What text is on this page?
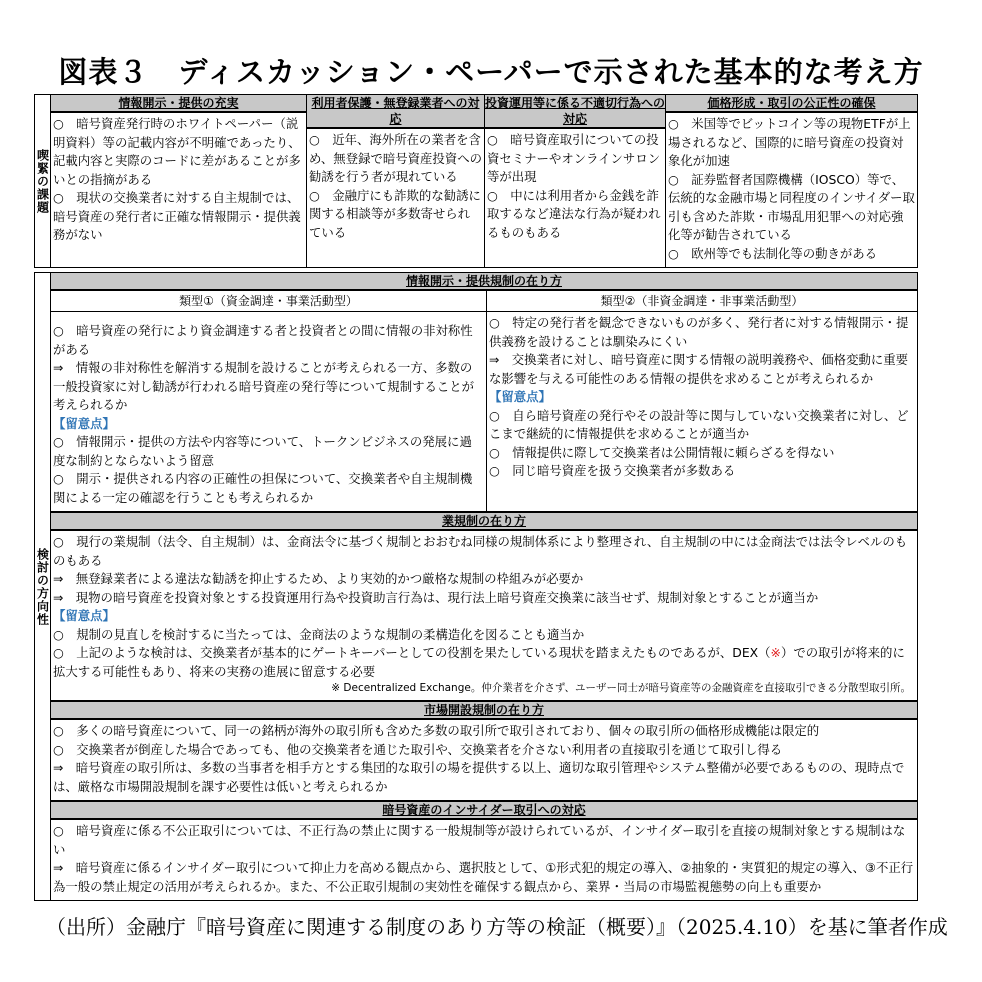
図表３　ディスカッション・ペーパーで示された基本的な考え方
喫緊の課題
情報開示・提供の充実

○　暗号資産発行時のホワイトペーパー（説明資料）等の記載内容が不明確であったり、記載内容と実際のコードに差があることが多いとの指摘がある

○　現状の交換業者に対する自主規制では、暗号資産の発行者に正確な情報開示・提供義務がない

利用者保護・無登録業者への対応

○　近年、海外所在の業者を含め、無登録で暗号資産投資への勧誘を行う者が現れている

○　金融庁にも詐欺的な勧誘に関する相談等が多数寄せられている

投資運用等に係る不適切行為への対応

○　暗号資産取引についての投資セミナーやオンラインサロン等が出現

○　中には利用者から金銭を詐取するなど違法な行為が疑われるものもある

価格形成・取引の公正性の確保

○　米国等でビットコイン等の現物ETFが上場されるなど、国際的に暗号資産の投資対象化が加速

○　証券監督者国際機構（IOSCO）等で、伝統的な金融市場と同程度のインサイダー取引も含めた詐欺・市場乱用犯罪への対応強化等が勧告されている

○　欧州等でも法制化等の動きがある

検討の方向性
情報開示・提供規制の在り方
類型①（資金調達・事業活動型）

○　暗号資産の発行により資金調達する者と投資者との間に情報の非対称性がある

⇒　情報の非対称性を解消する規制を設けることが考えられる一方、多数の一般投資家に対し勧誘が行われる暗号資産の発行等について規制することが考えられるか

【留意点】

○　情報開示・提供の方法や内容等について、トークンビジネスの発展に過度な制約とならないよう留意

○　開示・提供される内容の正確性の担保について、交換業者や自主規制機関による一定の確認を行うことも考えられるか

類型②（非資金調達・非事業活動型）

○　特定の発行者を観念できないものが多く、発行者に対する情報開示・提供義務を設けることは馴染みにくい

⇒　交換業者に対し、暗号資産に関する情報の説明義務や、価格変動に重要な影響を与える可能性のある情報の提供を求めることが考えられるか

【留意点】

○　自ら暗号資産の発行やその設計等に関与していない交換業者に対し、どこまで継続的に情報提供を求めることが適当か

○　情報提供に際して交換業者は公開情報に頼らざるを得ない

○　同じ暗号資産を扱う交換業者が多数ある

業規制の在り方

○　現行の業規制（法令、自主規制）は、金商法令に基づく規制とおおむね同様の規制体系により整理され、自主規制の中には金商法では法令レベルのものもある

⇒　無登録業者による違法な勧誘を抑止するため、より実効的かつ厳格な規制の枠組みが必要か

⇒　現物の暗号資産を投資対象とする投資運用行為や投資助言行為は、現行法上暗号資産交換業に該当せず、規制対象とすることが適当か

【留意点】

○　規制の見直しを検討するに当たっては、金商法のような規制の柔構造化を図ることも適当か

○　上記のような検討は、交換業者が基本的にゲートキーパーとしての役割を果たしている現状を踏まえたものであるが、DEX（※）での取引が将来的に拡大する可能性もあり、将来の実務の進展に留意する必要

※ Decentralized Exchange。仲介業者を介さず、ユーザー同士が暗号資産等の金融資産を直接取引できる分散型取引所。

市場開設規制の在り方

○　多くの暗号資産について、同一の銘柄が海外の取引所も含めた多数の取引所で取引されており、個々の取引所の価格形成機能は限定的

○　交換業者が倒産した場合であっても、他の交換業者を通じた取引や、交換業者を介さない利用者の直接取引を通じて取引し得る

⇒　暗号資産の取引所は、多数の当事者を相手方とする集団的な取引の場を提供する以上、適切な取引管理やシステム整備が必要であるものの、現時点では、厳格な市場開設規制を課す必要性は低いと考えられるか

暗号資産のインサイダー取引への対応

○　暗号資産に係る不公正取引については、不正行為の禁止に関する一般規制等が設けられているが、インサイダー取引を直接の規制対象とする規制はない

⇒　暗号資産に係るインサイダー取引について抑止力を高める観点から、選択肢として、①形式犯的規定の導入、②抽象的・実質犯的規定の導入、③不正行為一般の禁止規定の活用が考えられるか。また、不公正取引規制の実効性を確保する観点から、業界・当局の市場監視態勢の向上も重要か

（出所）金融庁『暗号資産に関連する制度のあり方等の検証（概要）』（2025.4.10）を基に筆者作成
